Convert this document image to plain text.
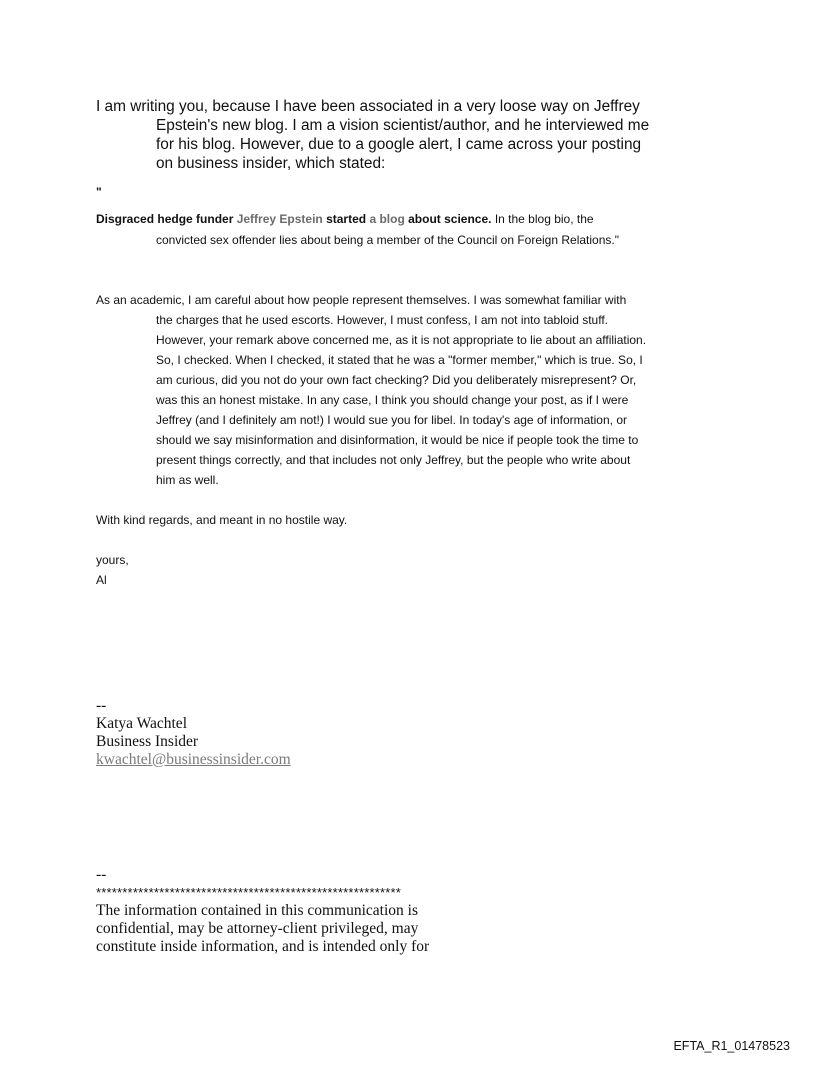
I am writing you, because I have been associated in a very loose way on Jeffrey
Epstein's new blog. I am a vision scientist/author, and he interviewed me
for his blog. However, due to a google alert, I came across your posting
on business insider, which stated:
"
Disgraced hedge funder Jeffrey Epstein started a blog about science. In the blog bio, the
convicted sex offender lies about being a member of the Council on Foreign Relations."
As an academic, I am careful about how people represent themselves. I was somewhat familiar with
the charges that he used escorts. However, I must confess, I am not into tabloid stuff.
However, your remark above concerned me, as it is not appropriate to lie about an affiliation.
So, I checked. When I checked, it stated that he was a "former member," which is true. So, I
am curious, did you not do your own fact checking? Did you deliberately misrepresent? Or,
was this an honest mistake. In any case, I think you should change your post, as if I were
Jeffrey (and I definitely am not!) I would sue you for libel. In today's age of information, or
should we say misinformation and disinformation, it would be nice if people took the time to
present things correctly, and that includes not only Jeffrey, but the people who write about
him as well.
With kind regards, and meant in no hostile way.
yours,
Al
--
Katya Wachtel
Business Insider
kwachtel@businessinsider.com
--
**********************************************************
The information contained in this communication is
confidential, may be attorney-client privileged, may
constitute inside information, and is intended only for
EFTA_R1_01478523
